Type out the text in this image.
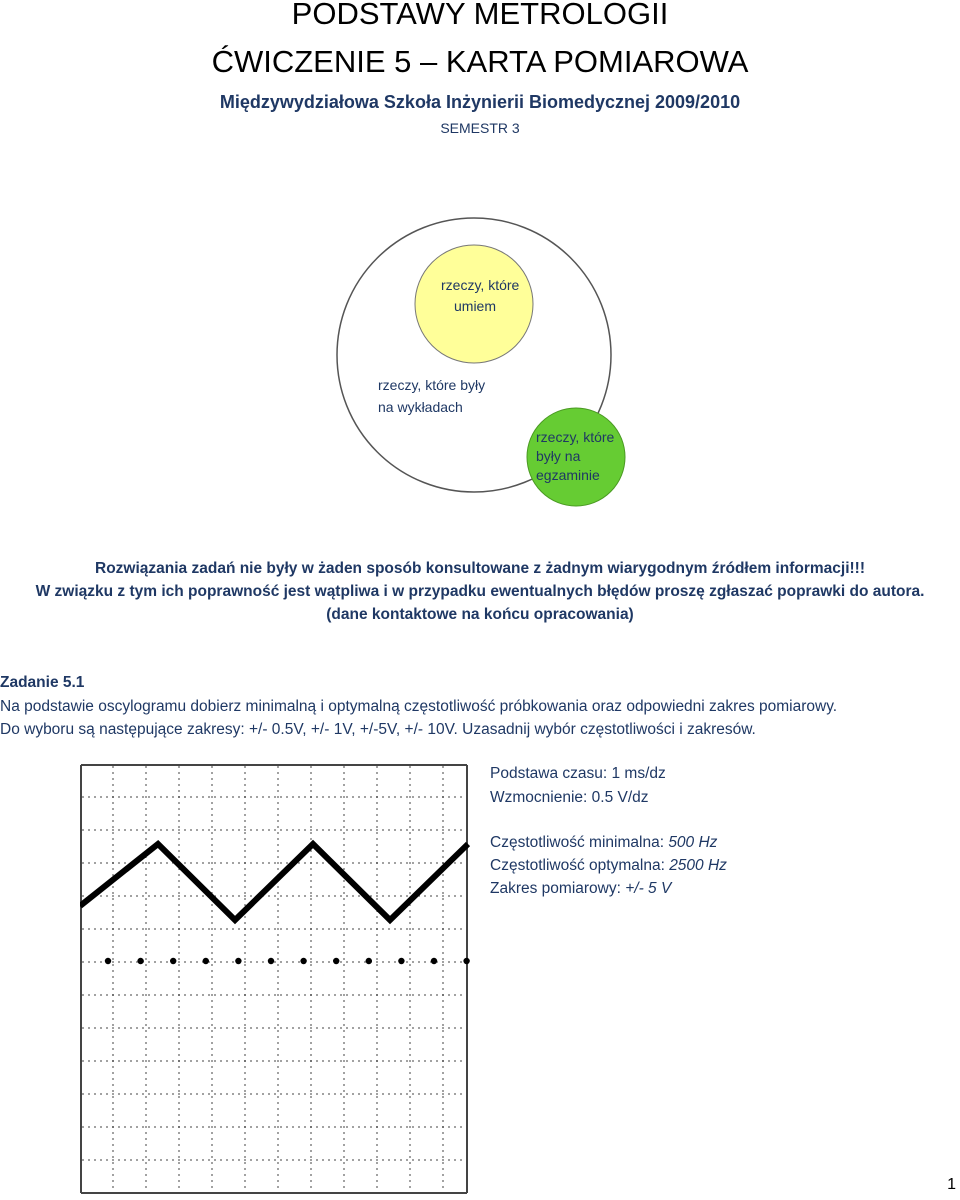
PODSTAWY METROLOGII
ĆWICZENIE 5 – KARTA POMIAROWA
Międzywydziałowa Szkoła Inżynierii Biomedycznej 2009/2010
SEMESTR 3
rzeczy, które
umiem
rzeczy, które były
na wykładach
rzeczy, które
były na
egzaminie
Rozwiązania zadań nie były w żaden sposób konsultowane z żadnym wiarygodnym źródłem informacji!!!
W związku z tym ich poprawność jest wątpliwa i w przypadku ewentualnych błędów proszę zgłaszać poprawki do autora.
(dane kontaktowe na końcu opracowania)
Zadanie 5.1
Na podstawie oscylogramu dobierz minimalną i optymalną częstotliwość próbkowania oraz odpowiedni zakres pomiarowy.
Do wyboru są następujące zakresy: +/- 0.5V, +/- 1V, +/-5V, +/- 10V. Uzasadnij wybór częstotliwości i zakresów.
Podstawa czasu: 1 ms/dz
Wzmocnienie: 0.5 V/dz
Częstotliwość minimalna: 500 Hz
Częstotliwość optymalna: 2500 Hz
Zakres pomiarowy: +/- 5 V
1
